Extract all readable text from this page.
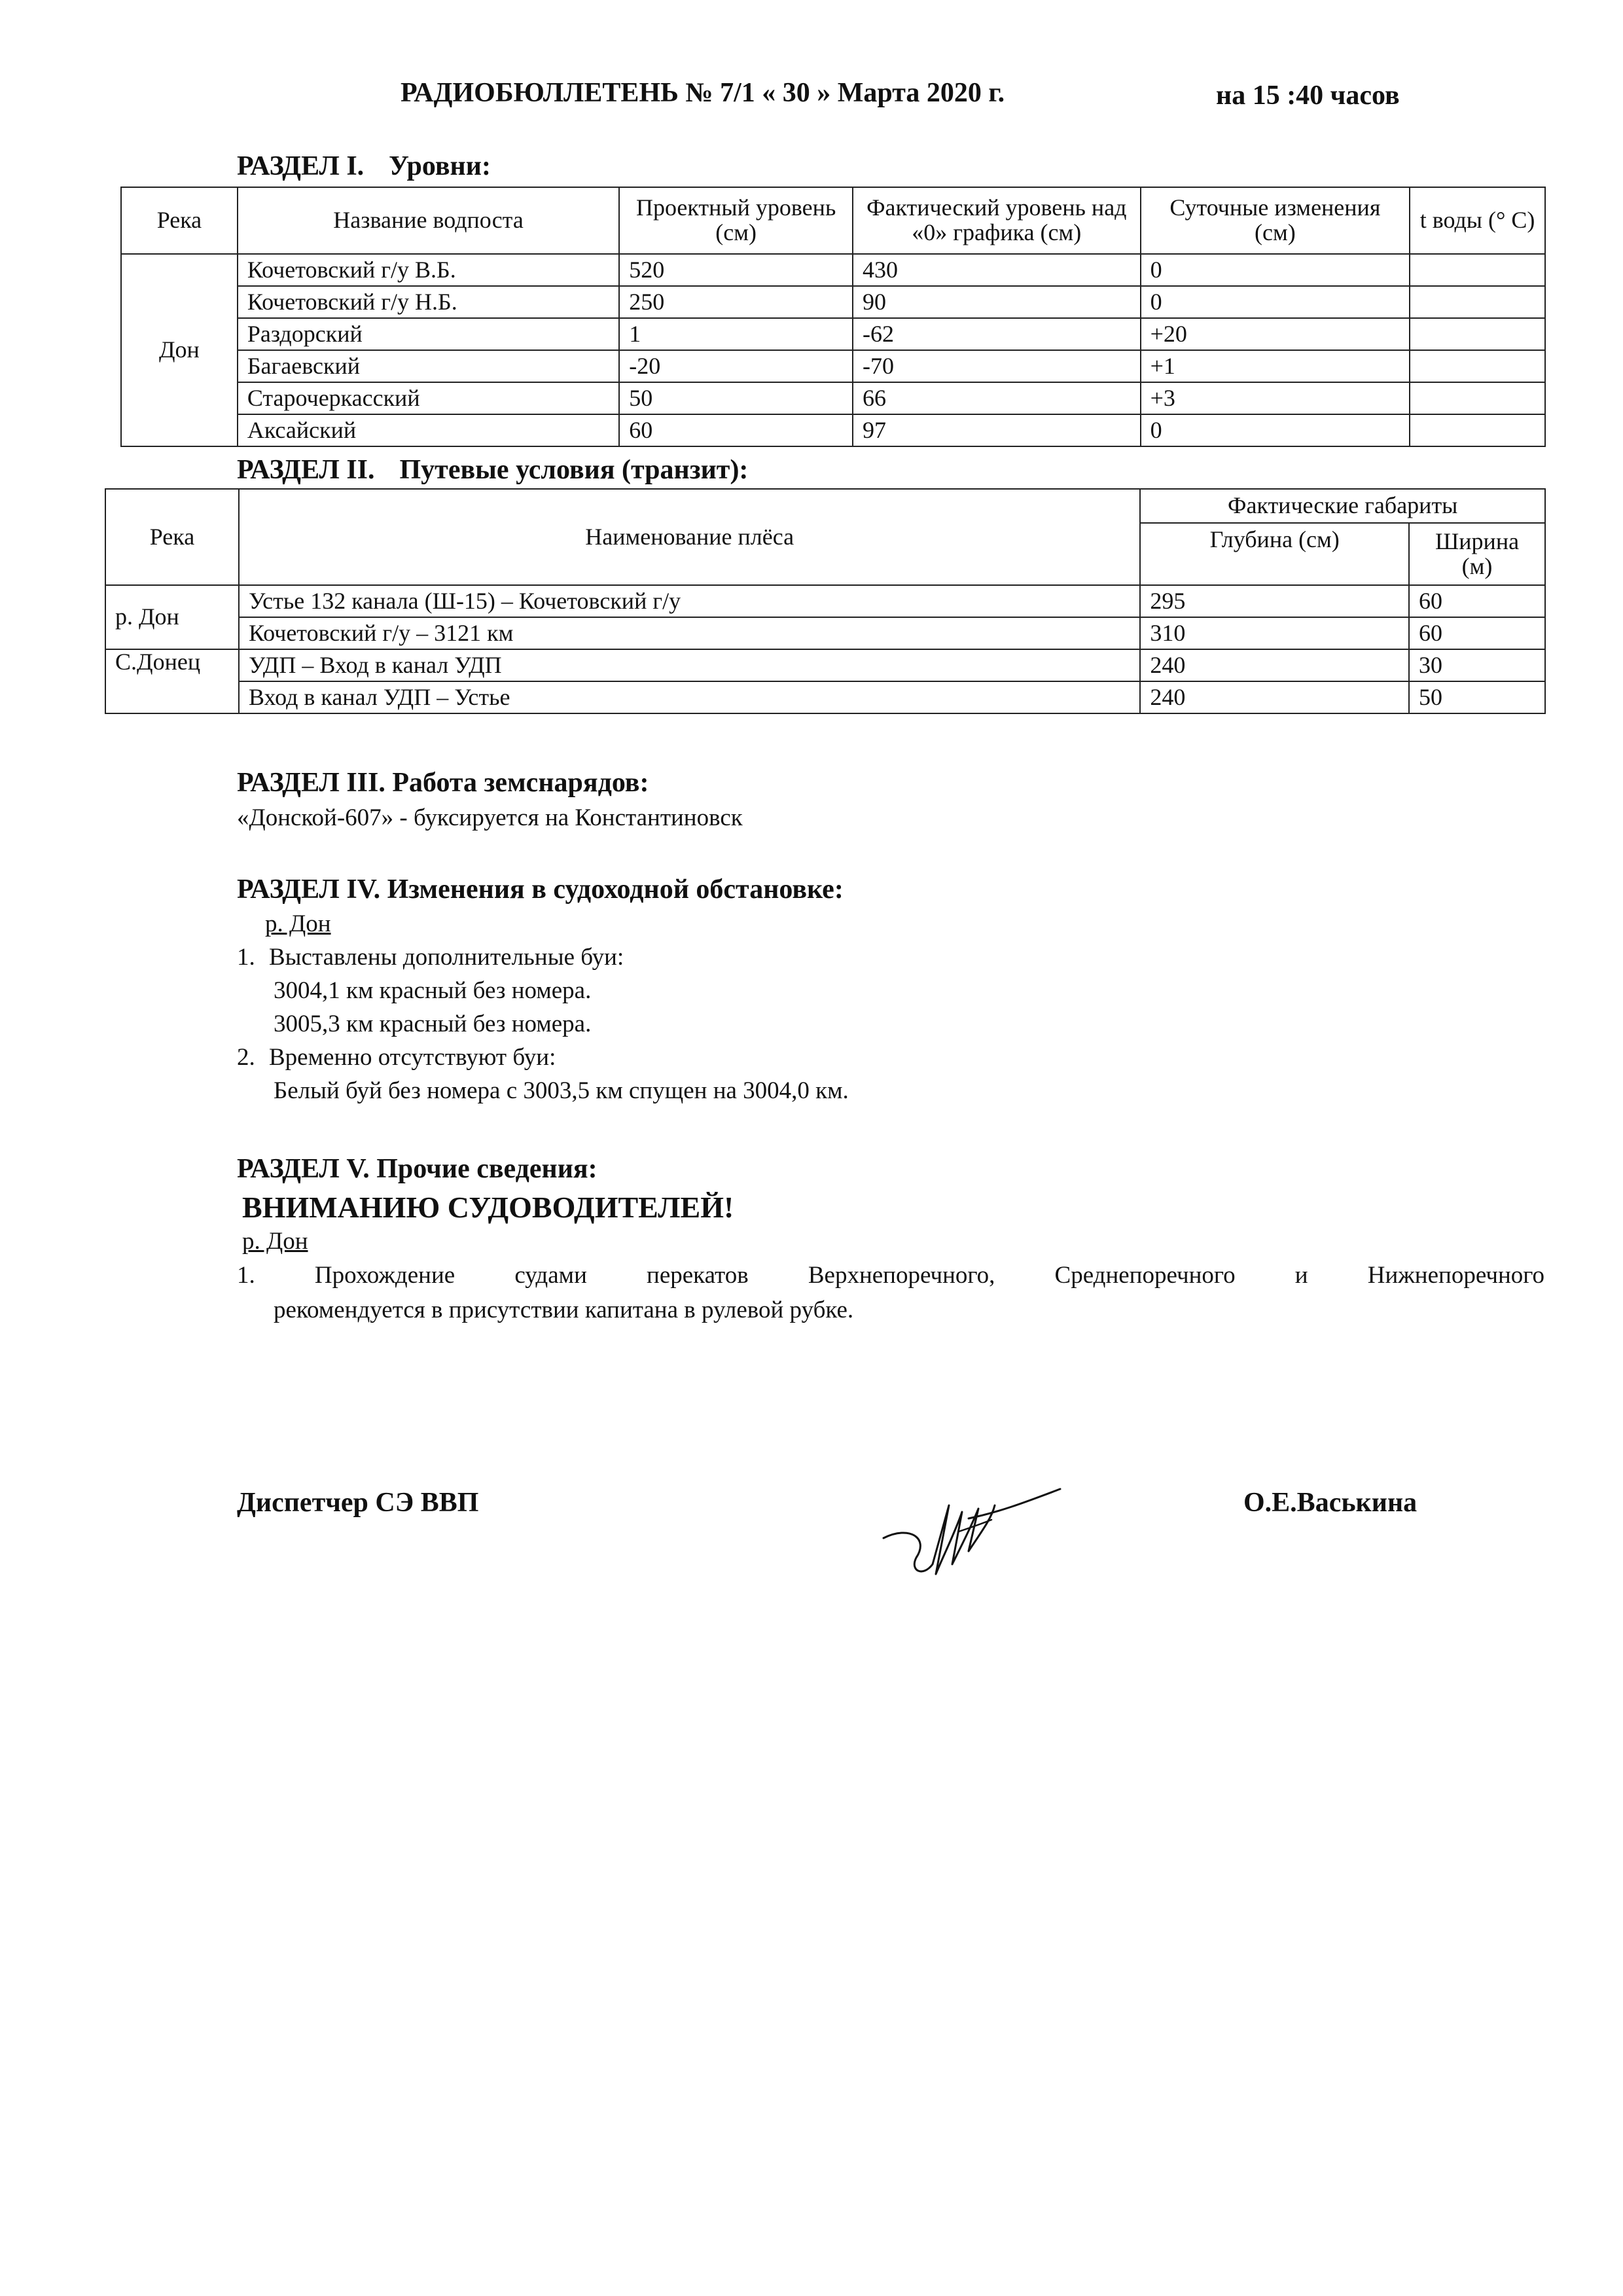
РАДИОБЮЛЛЕТЕНЬ № 7/1 « 30 » Марта 2020 г.	на 15 :40 часов
РАЗДЕЛ I. Уровни:
Река	Название водпоста	Проектный уровень (см)	Фактический уровень над «0» графика (см)	Суточные изменения (см)	t воды (° С)
Дон	Кочетовский г/у В.Б.	520	430	0	
	Кочетовский г/у Н.Б.	250	90	0	
	Раздорский	1	-62	+20	
	Багаевский	-20	-70	+1	
	Старочеркасский	50	66	+3	
	Аксайский	60	97	0	
РАЗДЕЛ II. Путевые условия (транзит):
Река	Наименование плёса	Фактические габариты	
		Глубина (см)	Ширина (м)
р. Дон	Устье 132 канала (Ш-15) – Кочетовский г/у	295	60
	Кочетовский г/у – 3121 км	310	60
С.Донец	УДП – Вход в канал УДП	240	30
	Вход в канал УДП – Устье	240	50
РАЗДЕЛ III. Работа земснарядов:
«Донской-607» - буксируется на Константиновск
РАЗДЕЛ IV. Изменения в судоходной обстановке:
р. Дон
1. Выставлены дополнительные буи:
3004,1 км красный без номера.
3005,3 км красный без номера.
2. Временно отсутствуют буи:
Белый буй без номера с 3003,5 км спущен на 3004,0 км.
РАЗДЕЛ V. Прочие сведения:
ВНИМАНИЮ СУДОВОДИТЕЛЕЙ!
р. Дон
1. Прохождение судами перекатов Верхнепоречного, Среднепоречного и Нижнепоречного
рекомендуется в присутствии капитана в рулевой рубке.
Диспетчер СЭ ВВП	О.Е.Васькина
